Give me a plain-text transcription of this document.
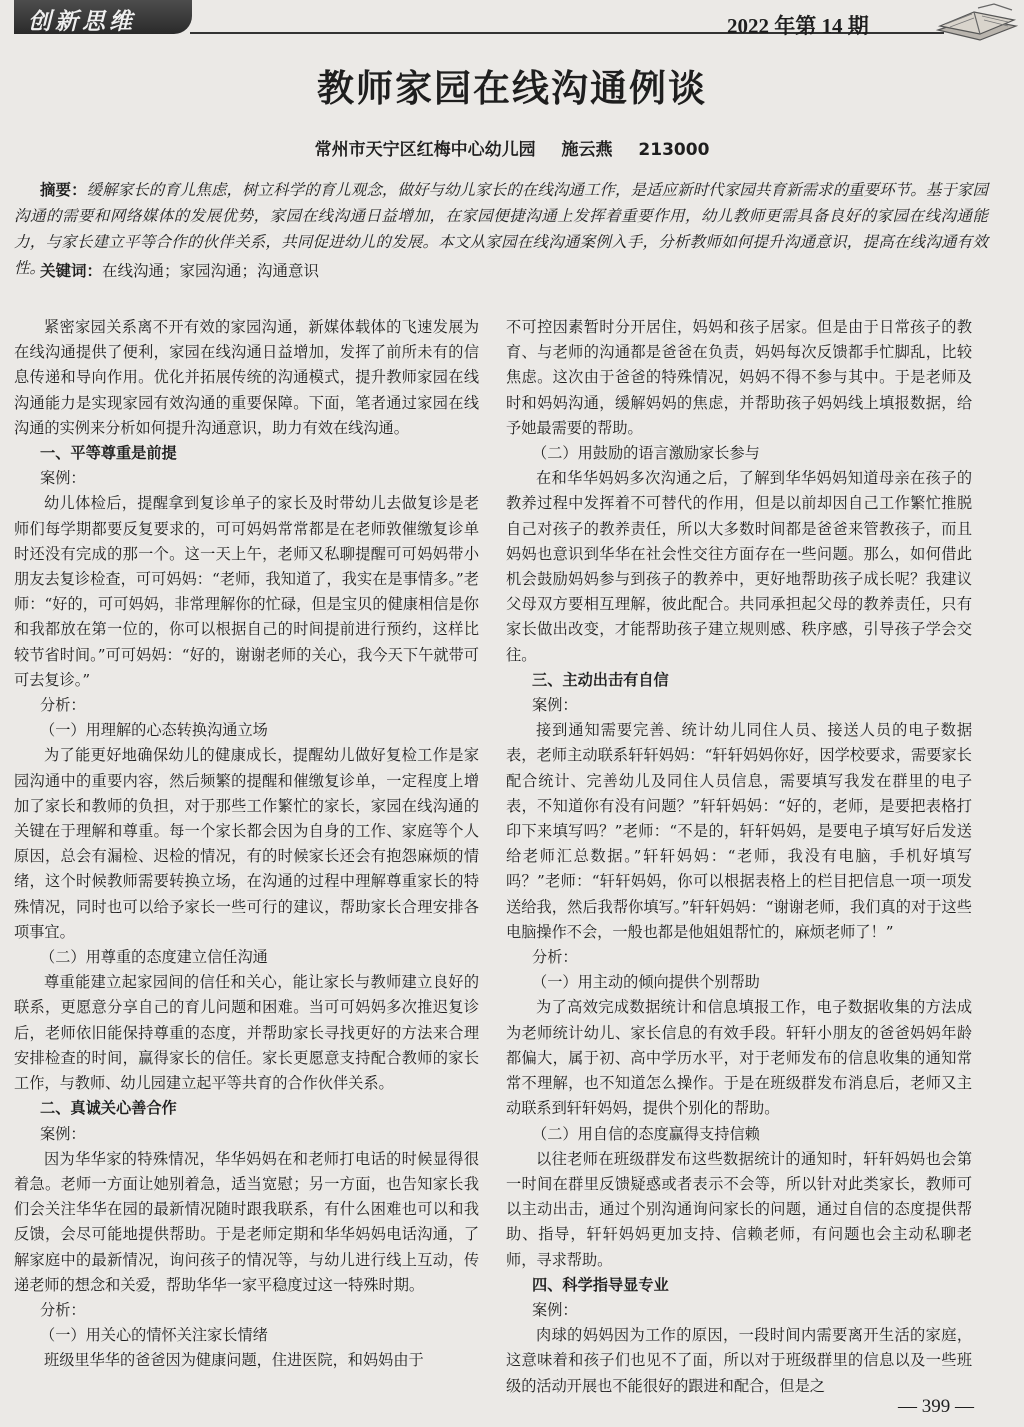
创新思维	2022 年第 14 期
教师家园在线沟通例谈
常州市天宁区红梅中心幼儿园 施云燕 213000
摘要：缓解家长的育儿焦虑，树立科学的育儿观念，做好与幼儿家长的在线沟通工作，是适应新时代家园共育新需求的重要环节。基于家园沟通的需要和网络媒体的发展优势，家园在线沟通日益增加，在家园便捷沟通上发挥着重要作用，幼儿教师更需具备良好的家园在线沟通能力，与家长建立平等合作的伙伴关系，共同促进幼儿的发展。本文从家园在线沟通案例入手，分析教师如何提升沟通意识，提高在线沟通有效性。
关键词：在线沟通；家园沟通；沟通意识

紧密家园关系离不开有效的家园沟通，新媒体载体的飞速发展为在线沟通提供了便利，家园在线沟通日益增加，发挥了前所未有的信息传递和导向作用。优化并拓展传统的沟通模式，提升教师家园在线沟通能力是实现家园有效沟通的重要保障。下面，笔者通过家园在线沟通的实例来分析如何提升沟通意识，助力有效在线沟通。

一、平等尊重是前提

案例：

幼儿体检后，提醒拿到复诊单子的家长及时带幼儿去做复诊是老师们每学期都要反复要求的，可可妈妈常常都是在老师敦催缴复诊单时还没有完成的那一个。这一天上午，老师又私聊提醒可可妈妈带小朋友去复诊检查，可可妈妈：“老师，我知道了，我实在是事情多。”老师：“好的，可可妈妈，非常理解你的忙碌，但是宝贝的健康相信是你和我都放在第一位的，你可以根据自己的时间提前进行预约，这样比较节省时间。”可可妈妈：“好的，谢谢老师的关心，我今天下午就带可可去复诊。”

分析：

（一）用理解的心态转换沟通立场

为了能更好地确保幼儿的健康成长，提醒幼儿做好复检工作是家园沟通中的重要内容，然后频繁的提醒和催缴复诊单，一定程度上增加了家长和教师的负担，对于那些工作繁忙的家长，家园在线沟通的关键在于理解和尊重。每一个家长都会因为自身的工作、家庭等个人原因，总会有漏检、迟检的情况，有的时候家长还会有抱怨麻烦的情绪，这个时候教师需要转换立场，在沟通的过程中理解尊重家长的特殊情况，同时也可以给予家长一些可行的建议，帮助家长合理安排各项事宜。

（二）用尊重的态度建立信任沟通

尊重能建立起家园间的信任和关心，能让家长与教师建立良好的联系，更愿意分享自己的育儿问题和困难。当可可妈妈多次推迟复诊后，老师依旧能保持尊重的态度，并帮助家长寻找更好的方法来合理安排检查的时间，赢得家长的信任。家长更愿意支持配合教师的家长工作，与教师、幼儿园建立起平等共育的合作伙伴关系。

二、真诚关心善合作

案例：

因为华华家的特殊情况，华华妈妈在和老师打电话的时候显得很着急。老师一方面让她别着急，适当宽慰；另一方面，也告知家长我们会关注华华在园的最新情况随时跟我联系，有什么困难也可以和我反馈，会尽可能地提供帮助。于是老师定期和华华妈妈电话沟通，了解家庭中的最新情况，询问孩子的情况等，与幼儿进行线上互动，传递老师的想念和关爱，帮助华华一家平稳度过这一特殊时期。

分析：

（一）用关心的情怀关注家长情绪

班级里华华的爸爸因为健康问题，住进医院，和妈妈由于

不可控因素暂时分开居住，妈妈和孩子居家。但是由于日常孩子的教育、与老师的沟通都是爸爸在负责，妈妈每次反馈都手忙脚乱，比较焦虑。这次由于爸爸的特殊情况，妈妈不得不参与其中。于是老师及时和妈妈沟通，缓解妈妈的焦虑，并帮助孩子妈妈线上填报数据，给予她最需要的帮助。

（二）用鼓励的语言激励家长参与

在和华华妈妈多次沟通之后，了解到华华妈妈知道母亲在孩子的教养过程中发挥着不可替代的作用，但是以前却因自己工作繁忙推脱自己对孩子的教养责任，所以大多数时间都是爸爸来管教孩子，而且妈妈也意识到华华在社会性交往方面存在一些问题。那么，如何借此机会鼓励妈妈参与到孩子的教养中，更好地帮助孩子成长呢？我建议父母双方要相互理解，彼此配合。共同承担起父母的教养责任，只有家长做出改变，才能帮助孩子建立规则感、秩序感，引导孩子学会交往。

三、主动出击有自信

案例：

接到通知需要完善、统计幼儿同住人员、接送人员的电子数据表，老师主动联系轩轩妈妈：“轩轩妈妈你好，因学校要求，需要家长配合统计、完善幼儿及同住人员信息，需要填写我发在群里的电子表，不知道你有没有问题？”轩轩妈妈：“好的，老师，是要把表格打印下来填写吗？”老师：“不是的，轩轩妈妈，是要电子填写好后发送给老师汇总数据。”轩轩妈妈：“老师，我没有电脑，手机好填写吗？”老师：“轩轩妈妈，你可以根据表格上的栏目把信息一项一项发送给我，然后我帮你填写。”轩轩妈妈：“谢谢老师，我们真的对于这些电脑操作不会，一般也都是他姐姐帮忙的，麻烦老师了！”

分析：

（一）用主动的倾向提供个别帮助

为了高效完成数据统计和信息填报工作，电子数据收集的方法成为老师统计幼儿、家长信息的有效手段。轩轩小朋友的爸爸妈妈年龄都偏大，属于初、高中学历水平，对于老师发布的信息收集的通知常常不理解，也不知道怎么操作。于是在班级群发布消息后，老师又主动联系到轩轩妈妈，提供个别化的帮助。

（二）用自信的态度赢得支持信赖

以往老师在班级群发布这些数据统计的通知时，轩轩妈妈也会第一时间在群里反馈疑惑或者表示不会等，所以针对此类家长，教师可以主动出击，通过个别沟通询问家长的问题，通过自信的态度提供帮助、指导，轩轩妈妈更加支持、信赖老师，有问题也会主动私聊老师，寻求帮助。

四、科学指导显专业

案例：

肉球的妈妈因为工作的原因，一段时间内需要离开生活的家庭，这意味着和孩子们也见不了面，所以对于班级群里的信息以及一些班级的活动开展也不能很好的跟进和配合，但是之

— 399 —
